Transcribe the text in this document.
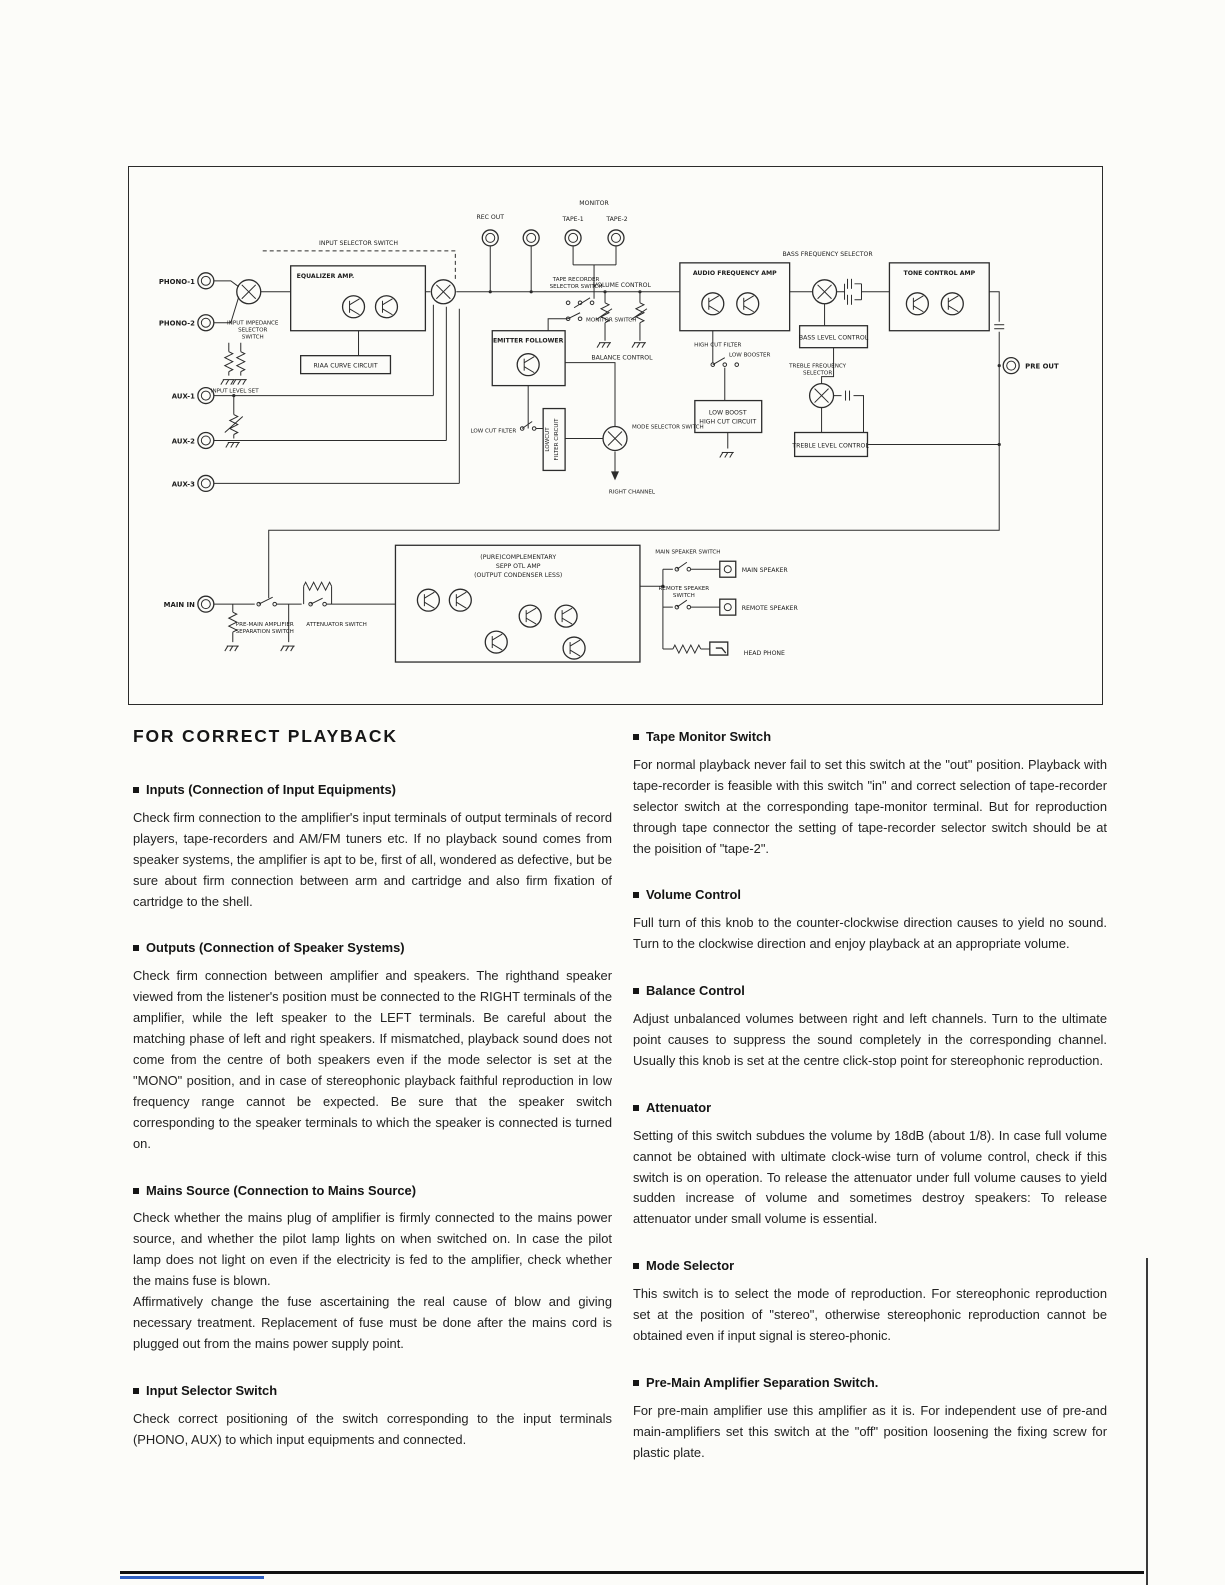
REC OUT
MONITOR
TAPE-1	TAPE-2
INPUT SELECTOR SWITCH
PHONO-1
PHONO-2
AUX-1
AUX-2
AUX-3
MAIN IN
EQUALIZER AMP.
INPUT IMPEDANCE
SELECTOR
SWITCH
RIAA CURVE CIRCUIT
INPUT LEVEL SET
TAPE RECORDER
SELECTOR SWITCH
MONITOR SWITCH
EMITTER FOLLOWER
VOLUME CONTROL
BALANCE CONTROL
LOW CUT FILTER	LOWCUT FILTER CIRCUIT	MODE SELECTOR SWITCH
RIGHT CHANNEL
AUDIO FREQUENCY AMP
BASS FREQUENCY SELECTOR
TONE CONTROL AMP
BASS LEVEL CONTROL
HIGH CUT FILTER
LOW BOOSTER
TREBLE FREQUENCY
SELECTOR
LOW BOOST
HIGH CUT CIRCUIT
TREBLE LEVEL CONTROL
PRE OUT
(PURE)COMPLEMENTARY
SEPP OTL AMP
(OUTPUT CONDENSER LESS)
MAIN SPEAKER SWITCH
MAIN SPEAKER
REMOTE SPEAKER
SWITCH
REMOTE SPEAKER
HEAD PHONE
PRE-MAIN AMPLIFIER
SEPARATION SWITCH
ATTENUATOR SWITCH
FOR CORRECT PLAYBACK
Inputs (Connection of Input Equipments)

Check firm connection to the amplifier's input terminals of output terminals of record players, tape-recorders and AM/FM tuners etc. If no playback sound comes from speaker systems, the amplifier is apt to be, first of all, wondered as defective, but be sure about firm connection between arm and cartridge and also firm fixation of cartridge to the shell.

Outputs (Connection of Speaker Systems)

Check firm connection between amplifier and speakers. The righthand speaker viewed from the listener's position must be connected to the RIGHT terminals of the amplifier, while the left speaker to the LEFT terminals. Be careful about the matching phase of left and right speakers. If mismatched, playback sound does not come from the centre of both speakers even if the mode selector is set at the "MONO" position, and in case of stereophonic playback faithful reproduction in low frequency range cannot be expected. Be sure that the speaker switch corresponding to the speaker terminals to which the speaker is connected is turned on.

Mains Source (Connection to Mains Source)

Check whether the mains plug of amplifier is firmly connected to the mains power source, and whether the pilot lamp lights on when switched on. In case the pilot lamp does not light on even if the electricity is fed to the amplifier, check whether the mains fuse is blown.

Affirmatively change the fuse ascertaining the real cause of blow and giving necessary treatment. Replacement of fuse must be done after the mains cord is plugged out from the mains power supply point.

Input Selector Switch

Check correct positioning of the switch corresponding to the input terminals (PHONO, AUX) to which input equipments and connected.

Tape Monitor Switch

For normal playback never fail to set this switch at the "out" position. Playback with tape-recorder is feasible with this switch "in" and correct selection of tape-recorder selector switch at the corresponding tape-monitor terminal. But for reproduction through tape connector the setting of tape-recorder selector switch should be at the poisition of "tape-2".

Volume Control

Full turn of this knob to the counter-clockwise direction causes to yield no sound. Turn to the clockwise direction and enjoy playback at an appropriate volume.

Balance Control

Adjust unbalanced volumes between right and left channels. Turn to the ultimate point causes to suppress the sound completely in the corresponding channel. Usually this knob is set at the centre click-stop point for stereophonic reproduction.

Attenuator

Setting of this switch subdues the volume by 18dB (about 1/8). In case full volume cannot be obtained with ultimate clock-wise turn of volume control, check if this switch is on operation. To release the attenuator under full volume causes to yield sudden increase of volume and sometimes destroy speakers: To release attenuator under small volume is essential.

Mode Selector

This switch is to select the mode of reproduction. For stereophonic reproduction set at the position of "stereo", otherwise stereophonic reproduction cannot be obtained even if input signal is stereo-phonic.

Pre-Main Amplifier Separation Switch.

For pre-main amplifier use this amplifier as it is. For independent use of pre-and main-amplifiers set this switch at the "off" position loosening the fixing screw for plastic plate.
